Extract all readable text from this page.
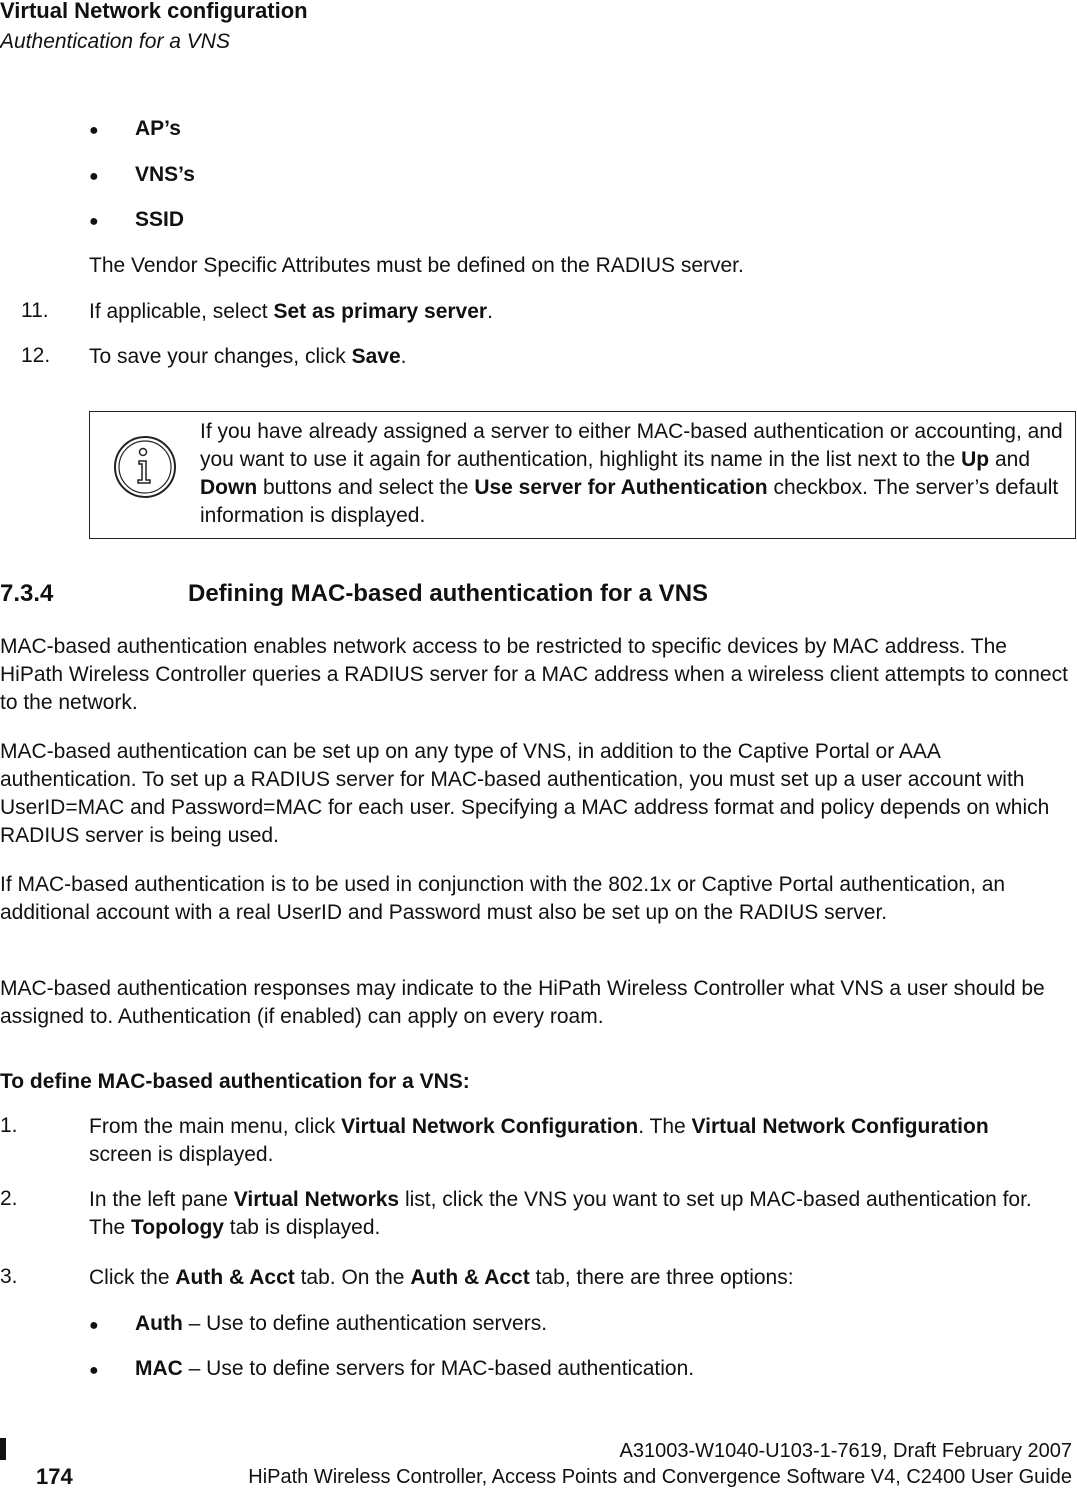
Virtual Network configuration
Authentication for a VNS
● AP’s
● VNS’s
● SSID
The Vendor Specific Attributes must be defined on the RADIUS server.
11. If applicable, select Set as primary server.
12. To save your changes, click Save.
If you have already assigned a server to either MAC-based authentication or accounting, and you want to use it again for authentication, highlight its name in the list next to the Up and Down buttons and select the Use server for Authentication checkbox. The server’s default information is displayed.
7.3.4	Defining MAC-based authentication for a VNS
MAC-based authentication enables network access to be restricted to specific devices by MAC address. The HiPath Wireless Controller queries a RADIUS server for a MAC address when a wireless client attempts to connect to the network.
MAC-based authentication can be set up on any type of VNS, in addition to the Captive Portal or AAA authentication. To set up a RADIUS server for MAC-based authentication, you must set up a user account with UserID=MAC and Password=MAC for each user. Specifying a MAC address format and policy depends on which RADIUS server is being used.
If MAC-based authentication is to be used in conjunction with the 802.1x or Captive Portal authentication, an additional account with a real UserID and Password must also be set up on the RADIUS server.
MAC-based authentication responses may indicate to the HiPath Wireless Controller what VNS a user should be assigned to. Authentication (if enabled) can apply on every roam.
To define MAC-based authentication for a VNS:
1.	From the main menu, click Virtual Network Configuration. The Virtual Network Configuration screen is displayed.
2.	In the left pane Virtual Networks list, click the VNS you want to set up MAC-based authentication for. The Topology tab is displayed.
3.	Click the Auth & Acct tab. On the Auth & Acct tab, there are three options:
● Auth – Use to define authentication servers.
● MAC – Use to define servers for MAC-based authentication.
174
A31003-W1040-U103-1-7619, Draft February 2007
HiPath Wireless Controller, Access Points and Convergence Software V4, C2400 User Guide
